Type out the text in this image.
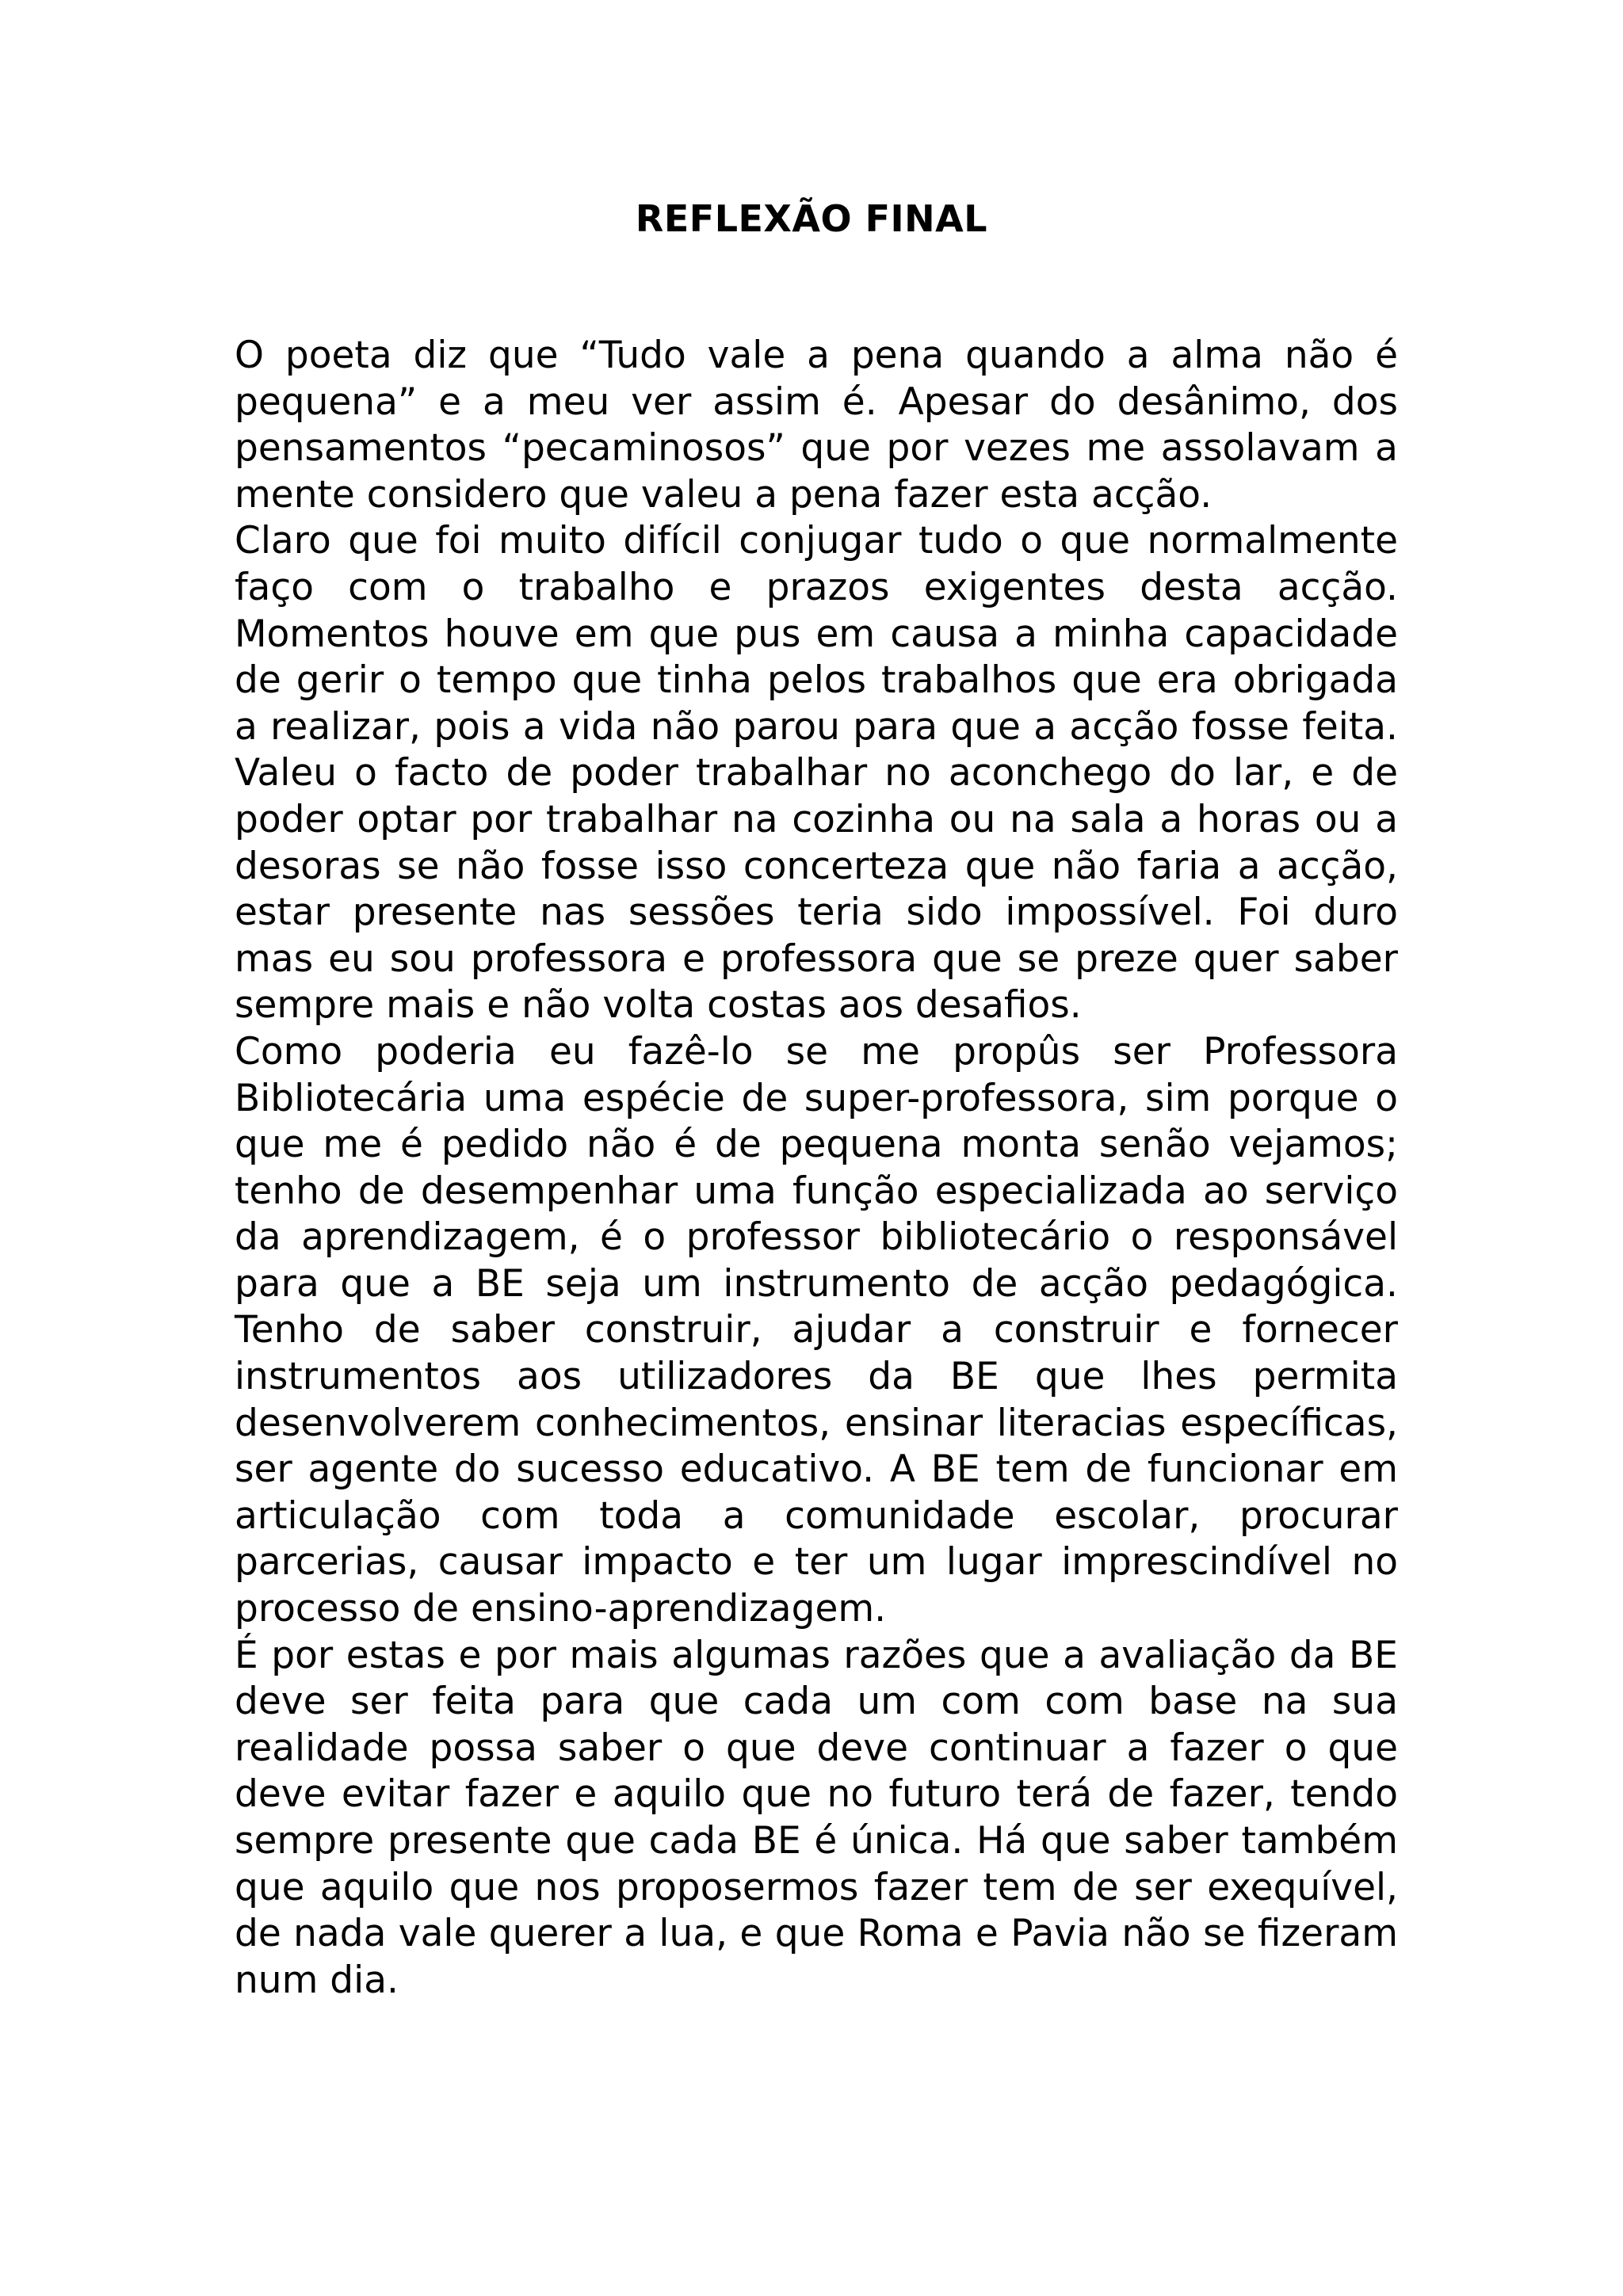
REFLEXÃO FINAL

O poeta diz que “Tudo vale a pena quando a alma não é pequena” e a meu ver assim é. Apesar do desânimo, dos pensamentos “pecaminosos” que por vezes me assolavam a mente considero que valeu a pena fazer esta acção.

Claro que foi muito difícil conjugar tudo o que normalmente faço com o trabalho e prazos exigentes desta acção. Momentos houve em que pus em causa a minha capacidade de gerir o tempo que tinha pelos trabalhos que era obrigada a realizar, pois a vida não parou para que a acção fosse feita. Valeu o facto de poder trabalhar no aconchego do lar, e de poder optar por trabalhar na cozinha ou na sala a horas ou a desoras se não fosse isso concerteza que não faria a acção, estar presente nas sessões teria sido impossível. Foi duro mas eu sou professora e professora que se preze quer saber sempre mais e não volta costas aos desafios.

Como poderia eu fazê-lo se me propûs ser Professora Bibliotecária uma espécie de super-professora, sim porque o que me é pedido não é de pequena monta senão vejamos; tenho de desempenhar uma função especializada ao serviço da aprendizagem, é o professor bibliotecário o responsável para que a BE seja um instrumento de acção pedagógica. Tenho de saber construir, ajudar a construir e fornecer instrumentos aos utilizadores da BE que lhes permita desenvolverem conhecimentos, ensinar literacias específicas, ser agente do sucesso educativo. A BE tem de funcionar em articulação com toda a comunidade escolar, procurar parcerias, causar impacto e ter um lugar imprescindível no processo de ensino-aprendizagem.

É por estas e por mais algumas razões que a avaliação da BE deve ser feita para que cada um com com base na sua realidade possa saber o que deve continuar a fazer o que deve evitar fazer e aquilo que no futuro terá de fazer, tendo sempre presente que cada BE é única. Há que saber também que aquilo que nos proposermos fazer tem de ser exequível, de nada vale querer a lua, e que Roma e Pavia não se fizeram num dia.
